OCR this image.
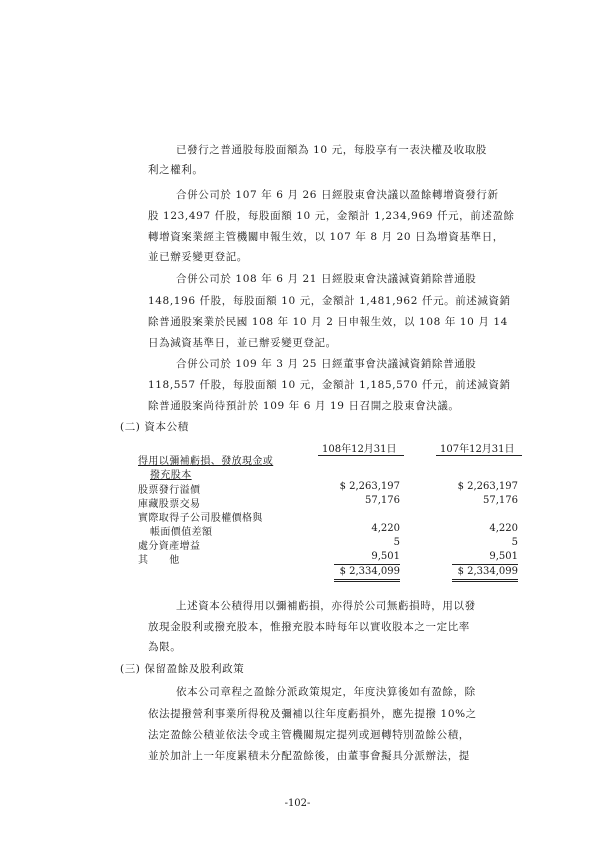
已發行之普通股每股面額為 10 元，每股享有一表決權及收取股
利之權利。
合併公司於 107 年 6 月 26 日經股東會決議以盈餘轉增資發行新
股 123,497 仟股，每股面額 10 元，金額計 1,234,969 仟元，前述盈餘
轉增資案業經主管機關申報生效，以 107 年 8 月 20 日為增資基準日，
並已辦妥變更登記。
合併公司於 108 年 6 月 21 日經股東會決議減資銷除普通股
148,196 仟股，每股面額 10 元，金額計 1,481,962 仟元。前述減資銷
除普通股案業於民國 108 年 10 月 2 日申報生效，以 108 年 10 月 14
日為減資基準日，並已辦妥變更登記。
合併公司於 109 年 3 月 25 日經董事會決議減資銷除普通股
118,557 仟股，每股面額 10 元，金額計 1,185,570 仟元，前述減資銷
除普通股案尚待預計於 109 年 6 月 19 日召開之股東會決議。
(二) 資本公積
108年12月31日	107年12月31日
得用以彌補虧損、發放現金或
撥充股本
股票發行溢價	$ 2,263,197	$ 2,263,197
庫藏股票交易	57,176	57,176
實際取得子公司股權價格與
帳面價值差額	4,220	4,220
處分資產增益	5	5
其　　他	9,501	9,501
$ 2,334,099	$ 2,334,099
上述資本公積得用以彌補虧損，亦得於公司無虧損時，用以發
放現金股利或撥充股本，惟撥充股本時每年以實收股本之一定比率
為限。
(三) 保留盈餘及股利政策
依本公司章程之盈餘分派政策規定，年度決算後如有盈餘，除
依法提撥營利事業所得稅及彌補以往年度虧損外，應先提撥 10%之
法定盈餘公積並依法令或主管機關規定提列或迴轉特別盈餘公積，
並於加計上一年度累積未分配盈餘後，由董事會擬具分派辦法，提
-102-
